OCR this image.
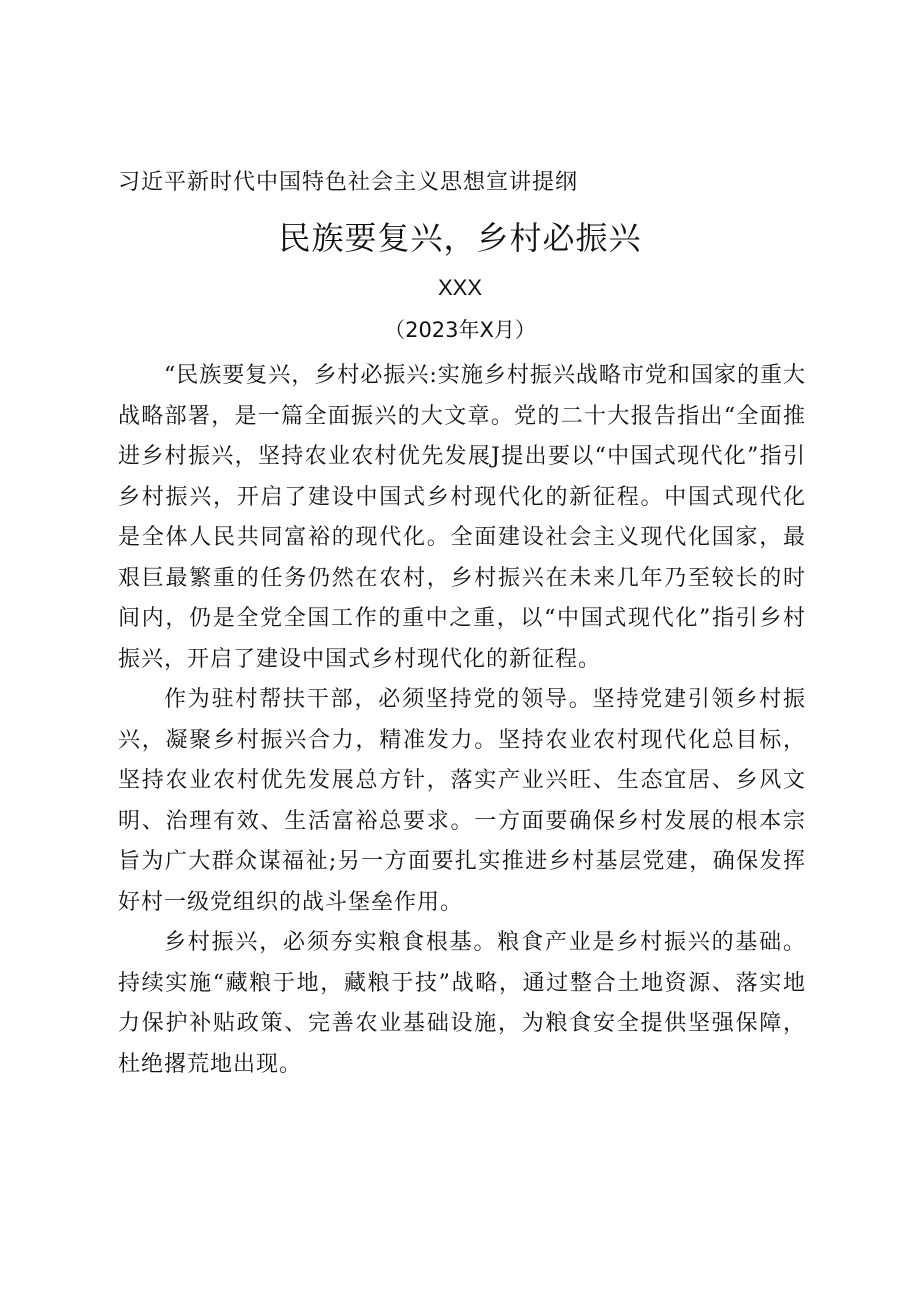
习近平新时代中国特色社会主义思想宣讲提纲
民族要复兴，乡村必振兴
XXX
（2023年X月）

“民族要复兴，乡村必振兴:实施乡村振兴战略市党和国家的重大战略部署，是一篇全面振兴的大文章。党的二十大报告指出“全面推进乡村振兴，坚持农业农村优先发展J提出要以“中国式现代化”指引乡村振兴，开启了建设中国式乡村现代化的新征程。中国式现代化是全体人民共同富裕的现代化。全面建设社会主义现代化国家，最艰巨最繁重的任务仍然在农村，乡村振兴在未来几年乃至较长的时间内，仍是全党全国工作的重中之重，以“中国式现代化”指引乡村振兴，开启了建设中国式乡村现代化的新征程。

作为驻村帮扶干部，必须坚持党的领导。坚持党建引领乡村振兴，凝聚乡村振兴合力，精准发力。坚持农业农村现代化总目标，坚持农业农村优先发展总方针，落实产业兴旺、生态宜居、乡风文明、治理有效、生活富裕总要求。一方面要确保乡村发展的根本宗旨为广大群众谋福祉;另一方面要扎实推进乡村基层党建，确保发挥好村一级党组织的战斗堡垒作用。

乡村振兴，必须夯实粮食根基。粮食产业是乡村振兴的基础。持续实施“藏粮于地，藏粮于技”战略，通过整合土地资源、落实地力保护补贴政策、完善农业基础设施，为粮食安全提供坚强保障，杜绝撂荒地出现。
